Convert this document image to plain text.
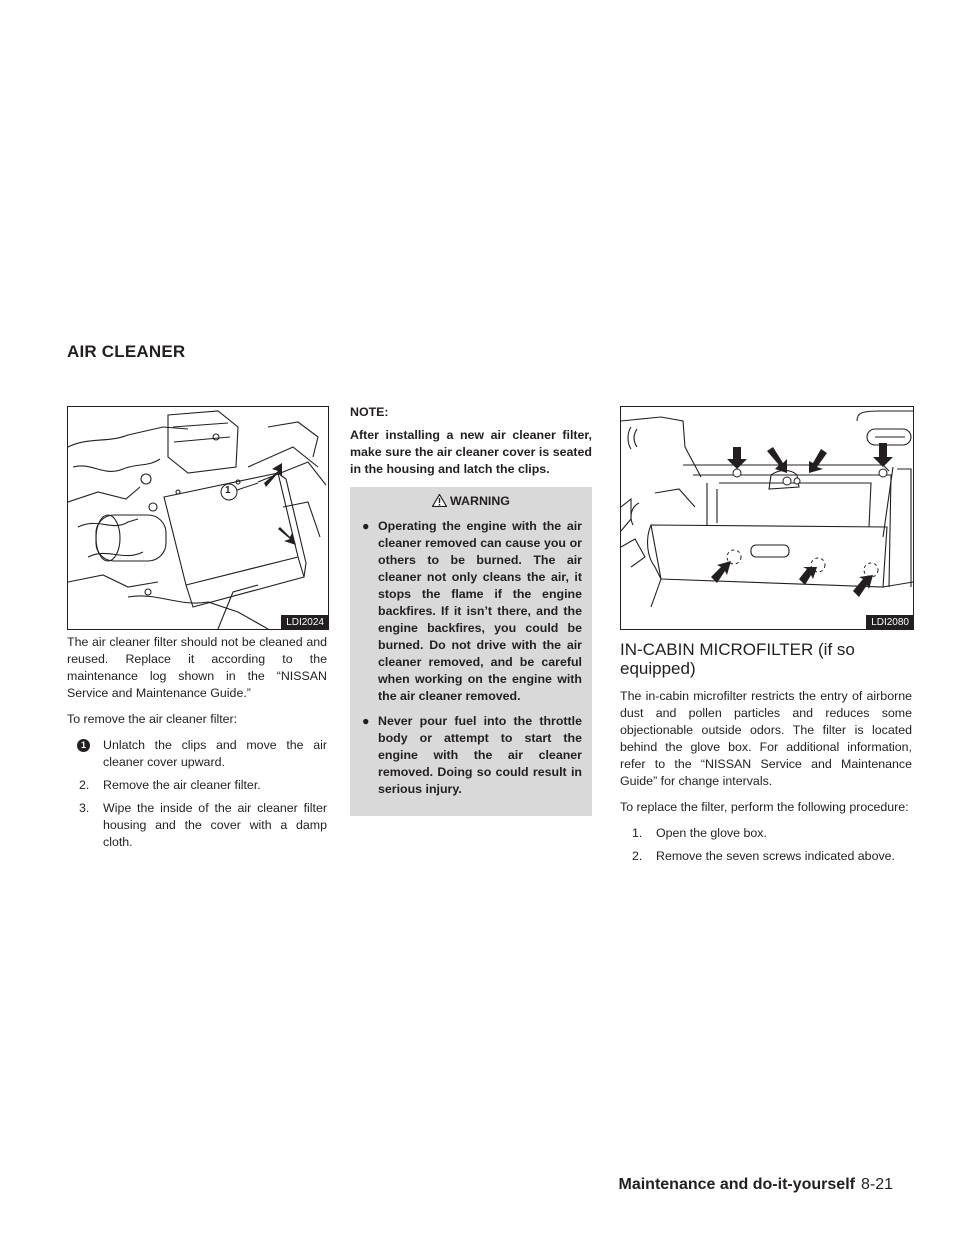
AIR CLEANER
1
LDI2024

The air cleaner filter should not be cleaned and reused. Replace it according to the maintenance log shown in the “NISSAN Service and Maintenance Guide.”

To remove the air cleaner filter:

1	Unlatch the clips and move the air cleaner cover upward.
2. Remove the air cleaner filter.
3. Wipe the inside of the air cleaner filter housing and the cover with a damp cloth.

NOTE:

After installing a new air cleaner filter, make sure the air cleaner cover is seated in the housing and latch the clips.

WARNING
● Operating the engine with the air cleaner removed can cause you or others to be burned. The air cleaner not only cleans the air, it stops the flame if the engine backfires. If it isn’t there, and the engine backfires, you could be burned. Do not drive with the air cleaner removed, and be careful when working on the engine with the air cleaner removed.
● Never pour fuel into the throttle body or attempt to start the engine with the air cleaner removed. Doing so could result in serious injury.
LDI2080
IN-CABIN MICROFILTER (if so equipped)

The in-cabin microfilter restricts the entry of airborne dust and pollen particles and reduces some objectionable outside odors. The filter is located behind the glove box. For additional information, refer to the “NISSAN Service and Maintenance Guide” for change intervals.

To replace the filter, perform the following procedure:

1. Open the glove box.
2. Remove the seven screws indicated above.
Maintenance and do-it-yourself 8-21
